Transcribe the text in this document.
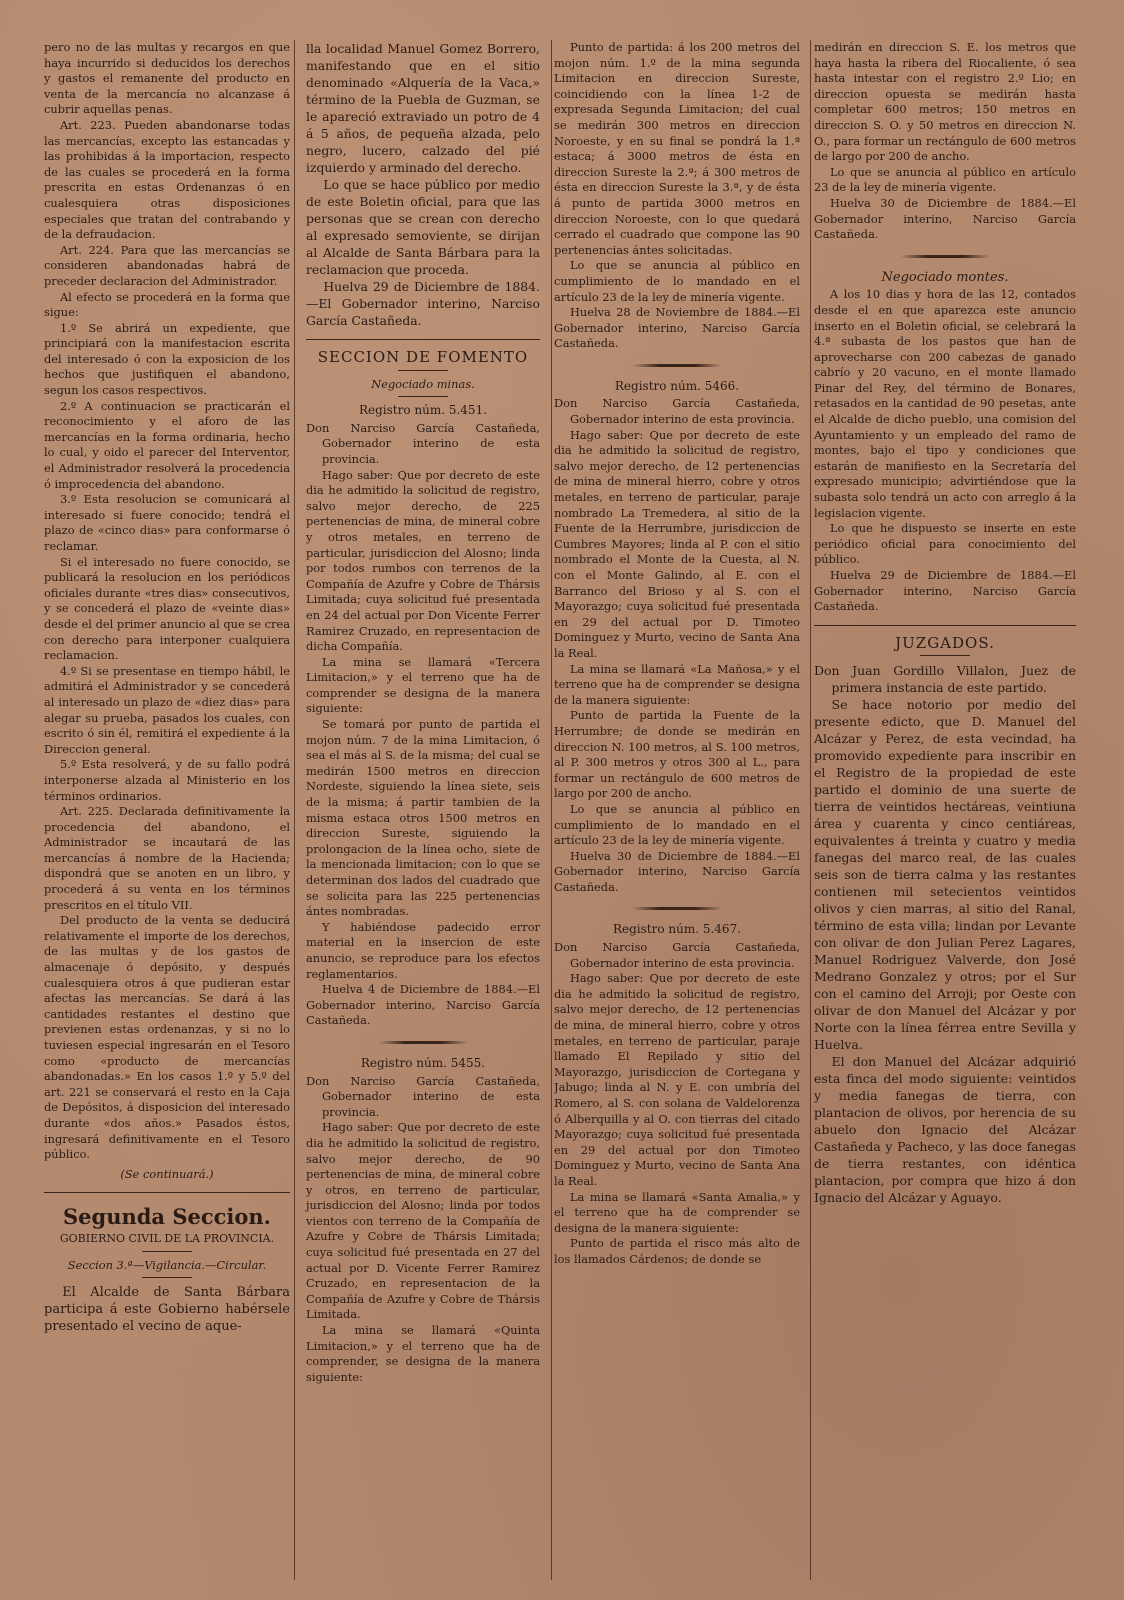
pero no de las multas y recargos en que haya incurrido si deducidos los derechos y gastos el remanente del producto en venta de la mercancía no alcanzase á cubrir aquellas penas.

Art. 223. Pueden abandonarse todas las mercancías, excepto las estancadas y las prohibidas á la importacion, respecto de las cuales se procederá en la forma prescrita en estas Ordenanzas ó en cualesquiera otras disposiciones especiales que tratan del contrabando y de la defraudacion.

Art. 224. Para que las mercancías se consideren abandonadas habrá de preceder declaracion del Administrador.

Al efecto se procederá en la forma que sigue:

1.º Se abrirá un expediente, que principiará con la manifestacion escrita del interesado ó con la exposicion de los hechos que justifiquen el abandono, segun los casos respectivos.

2.º A continuacion se practicarán el reconocimiento y el aforo de las mercancías en la forma ordinaria, hecho lo cual, y oido el parecer del Interventor, el Administrador resolverá la procedencia ó improcedencia del abandono.

3.º Esta resolucion se comunicará al interesado si fuere conocido; tendrá el plazo de «cinco dias» para conformarse ó reclamar.

Si el interesado no fuere conocido, se publicará la resolucion en los periódicos oficiales durante «tres dias» consecutivos, y se concederá el plazo de «veinte dias» desde el del primer anuncio al que se crea con derecho para interponer cualquiera reclamacion.

4.º Si se presentase en tiempo hábil, le admitirá el Administrador y se concederá al interesado un plazo de «diez dias» para alegar su prueba, pasados los cuales, con escrito ó sin él, remitirá el expediente á la Direccion general.

5.º Esta resolverá, y de su fallo podrá interponerse alzada al Ministerio en los términos ordinarios.

Art. 225. Declarada definitivamente la procedencia del abandono, el Administrador se incautará de las mercancías á nombre de la Hacienda; dispondrá que se anoten en un libro, y procederá á su venta en los términos prescritos en el título VII.

Del producto de la venta se deducirá relativamente el importe de los derechos, de las multas y de los gastos de almacenaje ó depósito, y después cualesquiera otros á que pudieran estar afectas las mercancías. Se dará á las cantidades restantes el destino que previenen estas ordenanzas, y si no lo tuviesen especial ingresarán en el Tesoro como «producto de mercancías abandonadas.» En los casos 1.º y 5.º del art. 221 se conservará el resto en la Caja de Depósitos, á disposicion del interesado durante «dos años.» Pasados éstos, ingresará definitivamente en el Tesoro público.

(Se continuará.)

Segunda Seccion.

GOBIERNO CIVIL DE LA PROVINCIA.

Seccion 3.ª—Vigilancia.—Circular.

El Alcalde de Santa Bárbara participa á este Gobierno habérsele presentado el vecino de aque-

lla localidad Manuel Gomez Borrero, manifestando que en el sitio denominado «Alquería de la Vaca,» término de la Puebla de Guzman, se le apareció extraviado un potro de 4 á 5 años, de pequeña alzada, pelo negro, lucero, calzado del pié izquierdo y arminado del derecho.

Lo que se hace público por medio de este Boletin oficial, para que las personas que se crean con derecho al expresado semoviente, se dirijan al Alcalde de Santa Bárbara para la reclamacion que proceda.

Huelva 29 de Diciembre de 1884.—El Gobernador interino, Narciso García Castañeda.

SECCION DE FOMENTO

Negociado minas.

Registro núm. 5.451.

Don Narciso García Castañeda, Gobernador interino de esta provincia.

Hago saber: Que por decreto de este dia he admitido la solicitud de registro, salvo mejor derecho, de 225 pertenencias de mina, de mineral cobre y otros metales, en terreno de particular, jurisdiccion del Alosno; linda por todos rumbos con terrenos de la Compañía de Azufre y Cobre de Thársis Limitada; cuya solicitud fué presentada en 24 del actual por Don Vicente Ferrer Ramirez Cruzado, en representacion de dicha Compañía.

La mina se llamará «Tercera Limitacion,» y el terreno que ha de comprender se designa de la manera siguiente:

Se tomará por punto de partida el mojon núm. 7 de la mina Limitacion, ó sea el más al S. de la misma; del cual se medirán 1500 metros en direccion Nordeste, siguiendo la línea siete, seis de la misma; á partir tambien de la misma estaca otros 1500 metros en direccion Sureste, siguiendo la prolongacion de la línea ocho, siete de la mencionada limitacion; con lo que se determinan dos lados del cuadrado que se solicita para las 225 pertenencias ántes nombradas.

Y habiéndose padecido error material en la insercion de este anuncio, se reproduce para los efectos reglamentarios.

Huelva 4 de Diciembre de 1884.—El Gobernador interino, Narciso García Castañeda.

Registro núm. 5455.

Don Narciso García Castañeda, Gobernador interino de esta provincia.

Hago saber: Que por decreto de este dia he admitido la solicitud de registro, salvo mejor derecho, de 90 pertenencias de mina, de mineral cobre y otros, en terreno de particular, jurisdiccion del Alosno; linda por todos vientos con terreno de la Compañía de Azufre y Cobre de Thársis Limitada; cuya solicitud fué presentada en 27 del actual por D. Vicente Ferrer Ramirez Cruzado, en representacion de la Compañía de Azufre y Cobre de Thársis Limitada.

La mina se llamará «Quinta Limitacion,» y el terreno que ha de comprender, se designa de la manera siguiente:

Punto de partida: á los 200 metros del mojon núm. 1.º de la mina segunda Limitacion en direccion Sureste, coincidiendo con la línea 1-2 de expresada Segunda Limitacion; del cual se medirán 300 metros en direccion Noroeste, y en su final se pondrá la 1.ª estaca; á 3000 metros de ésta en direccion Sureste la 2.ª; á 300 metros de ésta en direccion Sureste la 3.ª, y de ésta á punto de partida 3000 metros en direccion Noroeste, con lo que quedará cerrado el cuadrado que compone las 90 pertenencias ántes solicitadas.

Lo que se anuncia al público en cumplimiento de lo mandado en el artículo 23 de la ley de minería vigente.

Huelva 28 de Noviembre de 1884.—El Gobernador interino, Narciso García Castañeda.

Registro núm. 5466.

Don Narciso García Castañeda, Gobernador interino de esta provincia.

Hago saber: Que por decreto de este dia he admitido la solicitud de registro, salvo mejor derecho, de 12 pertenencias de mina de mineral hierro, cobre y otros metales, en terreno de particular, paraje nombrado La Tremedera, al sitio de la Fuente de la Herrumbre, jurisdiccion de Cumbres Mayores; linda al P. con el sitio nombrado el Monte de la Cuesta, al N. con el Monte Galindo, al E. con el Barranco del Brioso y al S. con el Mayorazgo; cuya solicitud fué presentada en 29 del actual por D. Timoteo Dominguez y Murto, vecino de Santa Ana la Real.

La mina se llamará «La Mañosa,» y el terreno que ha de comprender se designa de la manera siguiente:

Punto de partida la Fuente de la Herrumbre; de donde se medirán en direccion N. 100 metros, al S. 100 metros, al P. 300 metros y otros 300 al L., para formar un rectángulo de 600 metros de largo por 200 de ancho.

Lo que se anuncia al público en cumplimiento de lo mandado en el artículo 23 de la ley de minería vigente.

Huelva 30 de Diciembre de 1884.—El Gobernador interino, Narciso García Castañeda.

Registro núm. 5.467.

Don Narciso García Castañeda, Gobernador interino de esta provincia.

Hago saber: Que por decreto de este dia he admitido la solicitud de registro, salvo mejor derecho, de 12 pertenencias de mina, de mineral hierro, cobre y otros metales, en terreno de particular, paraje llamado El Repilado y sitio del Mayorazgo, jurisdiccion de Cortegana y Jabugo; linda al N. y E. con umbría del Romero, al S. con solana de Valdelorenza ó Alberquilla y al O. con tierras del citado Mayorazgo; cuya solicitud fué presentada en 29 del actual por don Timoteo Dominguez y Murto, vecino de Santa Ana la Real.

La mina se llamará «Santa Amalia,» y el terreno que ha de comprender se designa de la manera siguiente:

Punto de partida el risco más alto de los llamados Cárdenos; de donde se

medirán en direccion S. E. los metros que haya hasta la ribera del Riocaliente, ó sea hasta intestar con el registro 2.º Lio; en direccion opuesta se medirán hasta completar 600 metros; 150 metros en direccion S. O. y 50 metros en direccion N. O., para formar un rectángulo de 600 metros de largo por 200 de ancho.

Lo que se anuncia al público en artículo 23 de la ley de minería vigente.

Huelva 30 de Diciembre de 1884.—El Gobernador interino, Narciso García Castañeda.

Negociado montes.

A los 10 dias y hora de las 12, contados desde el en que aparezca este anuncio inserto en el Boletin oficial, se celebrará la 4.ª subasta de los pastos que han de aprovecharse con 200 cabezas de ganado cabrío y 20 vacuno, en el monte llamado Pinar del Rey, del término de Bonares, retasados en la cantidad de 90 pesetas, ante el Alcalde de dicho pueblo, una comision del Ayuntamiento y un empleado del ramo de montes, bajo el tipo y condiciones que estarán de manifiesto en la Secretaría del expresado municipio; advirtiéndose que la subasta solo tendrá un acto con arreglo á la legislacion vigente.

Lo que he dispuesto se inserte en este periódico oficial para conocimiento del público.

Huelva 29 de Diciembre de 1884.—El Gobernador interino, Narciso García Castañeda.

JUZGADOS.

Don Juan Gordillo Villalon, Juez de primera instancia de este partido.

Se hace notorio por medio del presente edicto, que D. Manuel del Alcázar y Perez, de esta vecindad, ha promovido expediente para inscribir en el Registro de la propiedad de este partido el dominio de una suerte de tierra de veintidos hectáreas, veintiuna área y cuarenta y cinco centiáreas, equivalentes á treinta y cuatro y media fanegas del marco real, de las cuales seis son de tierra calma y las restantes contienen mil setecientos veintidos olivos y cien marras, al sitio del Ranal, término de esta villa; lindan por Levante con olivar de don Julian Perez Lagares, Manuel Rodriguez Valverde, don José Medrano Gonzalez y otros; por el Sur con el camino del Arroji; por Oeste con olivar de don Manuel del Alcázar y por Norte con la línea férrea entre Sevilla y Huelva.

El don Manuel del Alcázar adquirió esta finca del modo siguiente: veintidos y media fanegas de tierra, con plantacion de olivos, por herencia de su abuelo don Ignacio del Alcázar Castañeda y Pacheco, y las doce fanegas de tierra restantes, con idéntica plantacion, por compra que hizo á don Ignacio del Alcázar y Aguayo.
